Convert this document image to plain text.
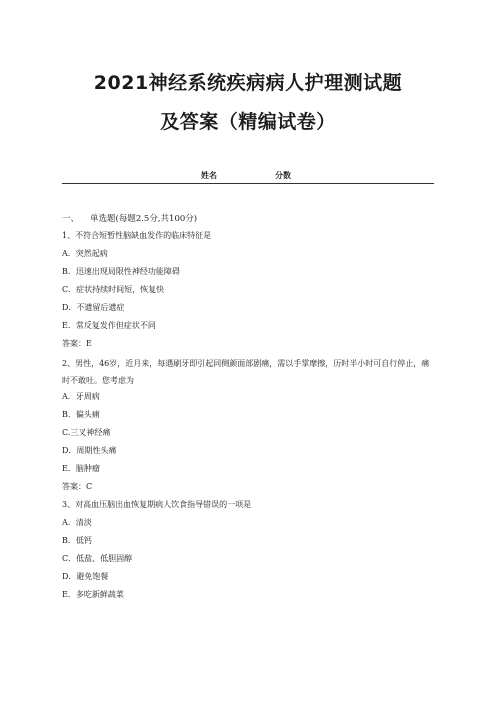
2021神经系统疾病病人护理测试题
及答案（精编试卷）
姓名	分数
一、 单选题(每题2.5分,共100分)
1、不符合短暂性脑缺血发作的临床特征是
A．突然起病
B．迅速出现局限性神经功能障碍
C．症状持续时间短，恢复快
D．不遗留后遗症
E．常反复发作但症状不同
答案：E
2、男性，46岁，近月来，每遇刷牙即引起同侧颜面部剧痛，需以手掌摩擦，历时半小时可自行停止，痛时不敢吐。您考虑为
A．牙周病
B．偏头痛
C.三叉神经痛
D．周期性头痛
E．脑肿瘤
答案：C
3、对高血压脑出血恢复期病人饮食指导错误的一项是
A．清淡
B．低钙
C．低盐、低胆固醇
D．避免饱餐
E．多吃新鲜蔬菜
